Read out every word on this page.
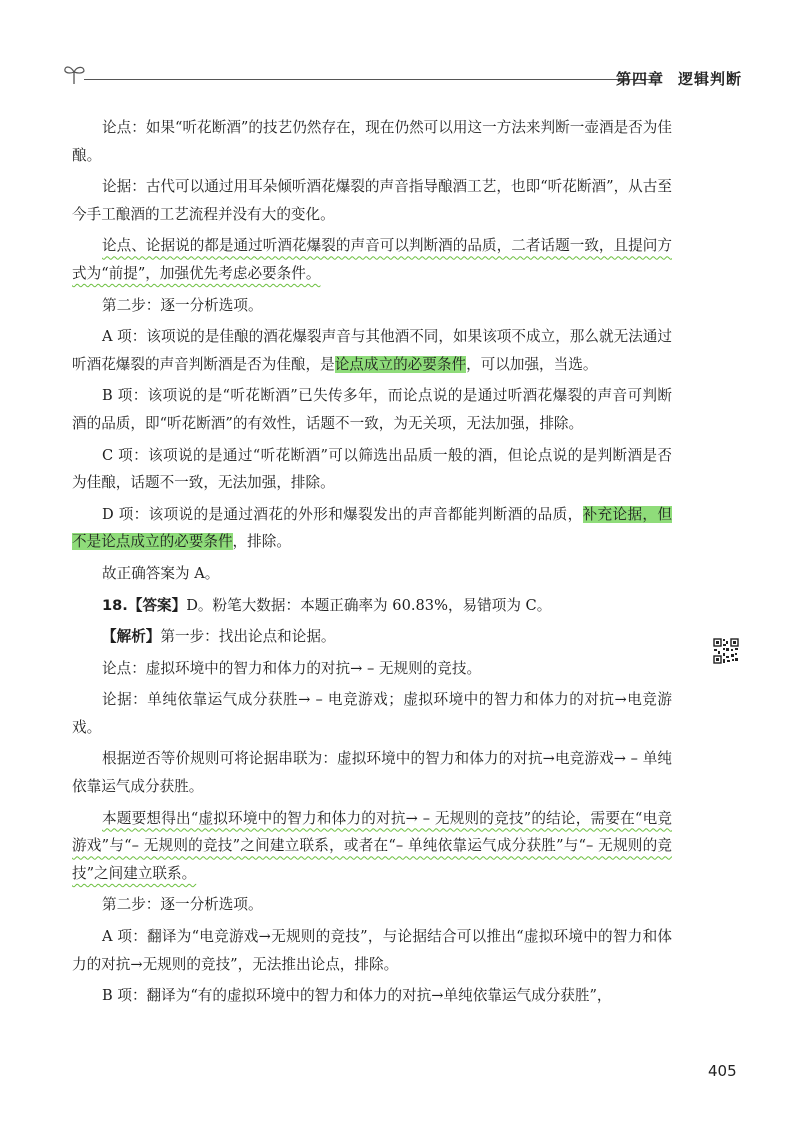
第四章 逻辑判断

论点：如果“听花断酒”的技艺仍然存在，现在仍然可以用这一方法来判断一壶酒是否为佳酿。

论据：古代可以通过用耳朵倾听酒花爆裂的声音指导酿酒工艺，也即“听花断酒”，从古至今手工酿酒的工艺流程并没有大的变化。

论点、论据说的都是通过听酒花爆裂的声音可以判断酒的品质，二者话题一致，且提问方式为“前提”，加强优先考虑必要条件。

第二步：逐一分析选项。

A 项：该项说的是佳酿的酒花爆裂声音与其他酒不同，如果该项不成立，那么就无法通过听酒花爆裂的声音判断酒是否为佳酿，是论点成立的必要条件，可以加强，当选。

B 项：该项说的是“听花断酒”已失传多年，而论点说的是通过听酒花爆裂的声音可判断酒的品质，即“听花断酒”的有效性，话题不一致，为无关项，无法加强，排除。

C 项：该项说的是通过“听花断酒”可以筛选出品质一般的酒，但论点说的是判断酒是否为佳酿，话题不一致，无法加强，排除。

D 项：该项说的是通过酒花的外形和爆裂发出的声音都能判断酒的品质，补充论据，但不是论点成立的必要条件，排除。

故正确答案为 A。

18.【答案】D。粉笔大数据：本题正确率为 60.83%，易错项为 C。

【解析】第一步：找出论点和论据。

论点：虚拟环境中的智力和体力的对抗→ – 无规则的竞技。

论据：单纯依靠运气成分获胜→ – 电竞游戏；虚拟环境中的智力和体力的对抗→电竞游戏。

根据逆否等价规则可将论据串联为：虚拟环境中的智力和体力的对抗→电竞游戏→ – 单纯依靠运气成分获胜。

本题要想得出“虚拟环境中的智力和体力的对抗→ – 无规则的竞技”的结论，需要在“电竞游戏”与“– 无规则的竞技”之间建立联系，或者在“– 单纯依靠运气成分获胜”与“– 无规则的竞技”之间建立联系。

第二步：逐一分析选项。

A 项：翻译为“电竞游戏→无规则的竞技”，与论据结合可以推出“虚拟环境中的智力和体力的对抗→无规则的竞技”，无法推出论点，排除。

B 项：翻译为“有的虚拟环境中的智力和体力的对抗→单纯依靠运气成分获胜”，

405
